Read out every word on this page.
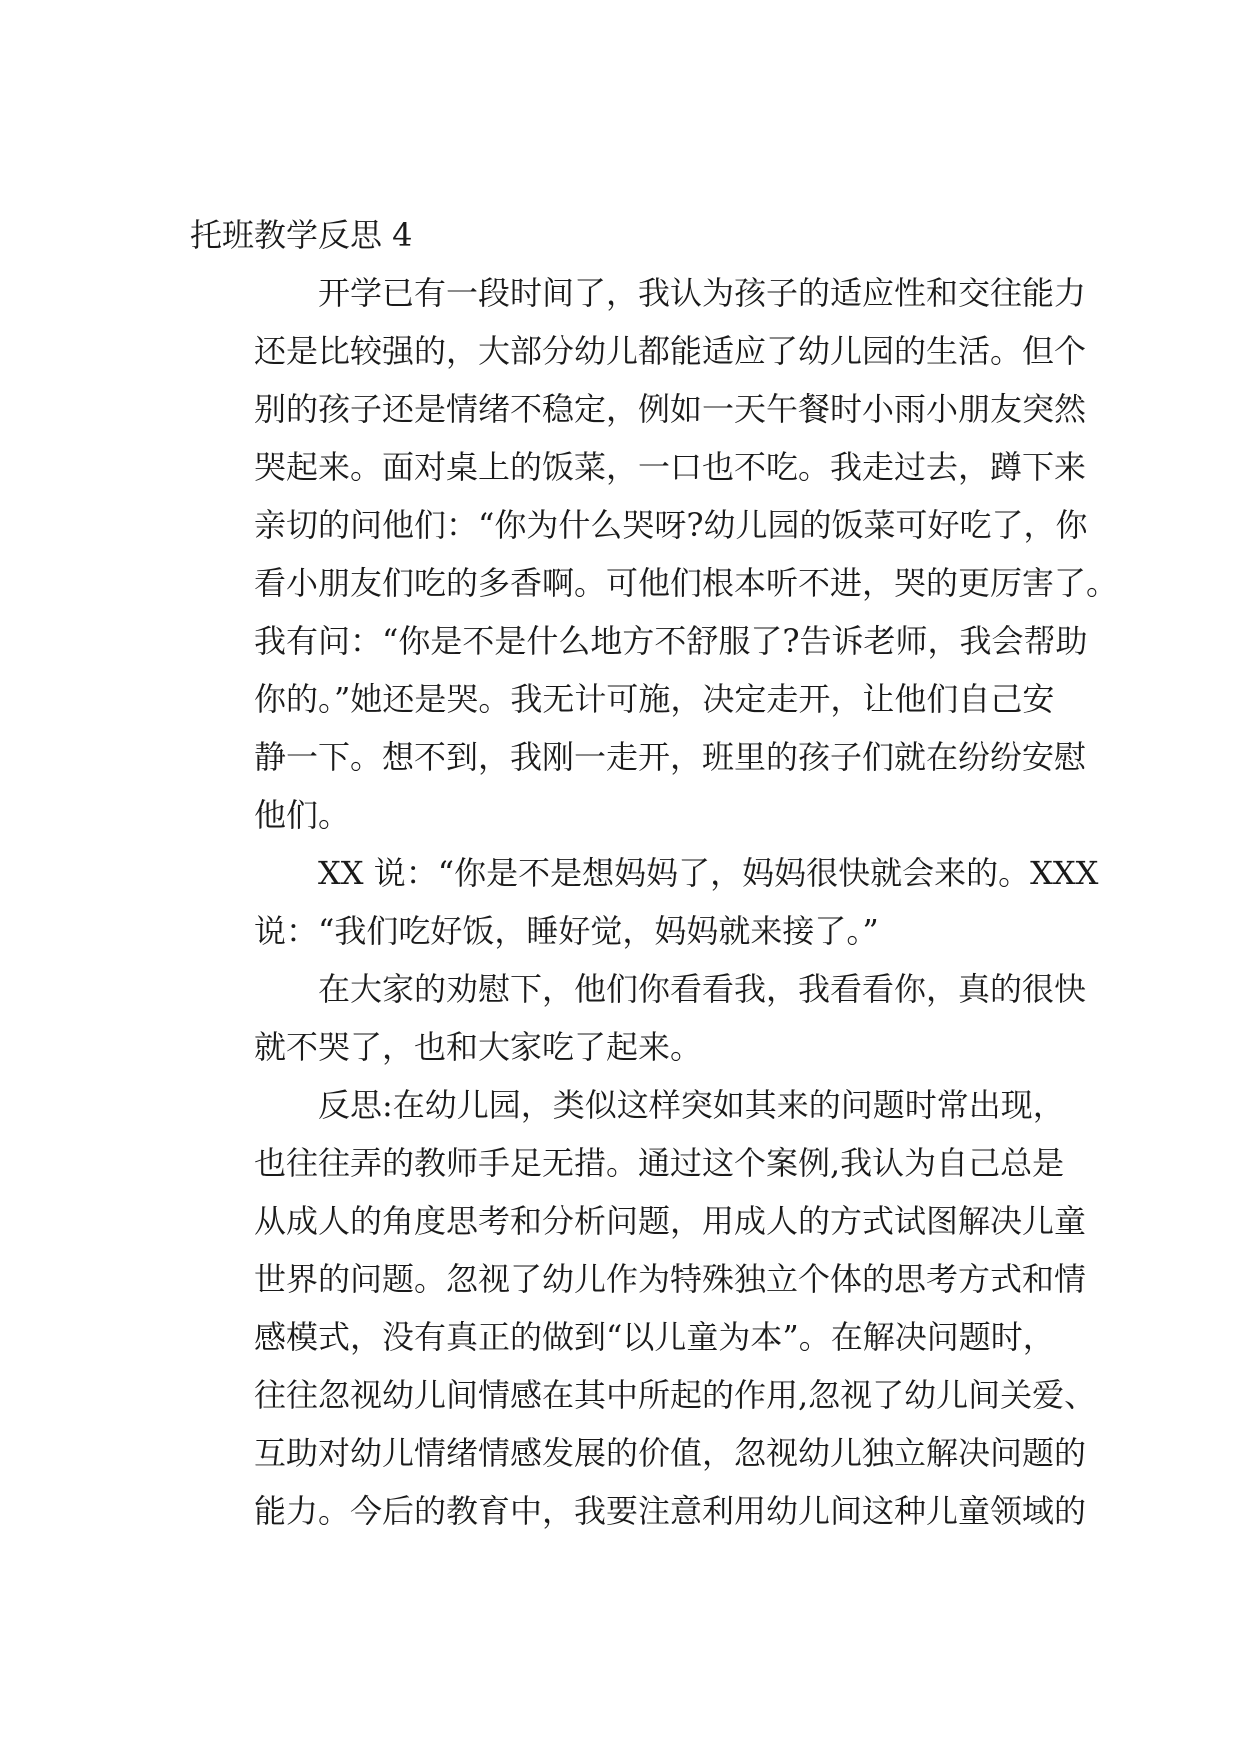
托班教学反思 4
开学已有一段时间了，我认为孩子的适应性和交往能力
还是比较强的，大部分幼儿都能适应了幼儿园的生活。但个
别的孩子还是情绪不稳定，例如一天午餐时小雨小朋友突然
哭起来。面对桌上的饭菜，一口也不吃。我走过去，蹲下来
亲切的问他们：“你为什么哭呀?幼儿园的饭菜可好吃了，你
看小朋友们吃的多香啊。可他们根本听不进，哭的更厉害了。
我有问：“你是不是什么地方不舒服了?告诉老师，我会帮助
你的。”她还是哭。我无计可施，决定走开，让他们自己安
静一下。想不到，我刚一走开，班里的孩子们就在纷纷安慰
他们。
XX 说：“你是不是想妈妈了，妈妈很快就会来的。XXX
说：“我们吃好饭，睡好觉，妈妈就来接了。”
在大家的劝慰下，他们你看看我，我看看你，真的很快
就不哭了，也和大家吃了起来。
反思:在幼儿园，类似这样突如其来的问题时常出现，
也往往弄的教师手足无措。通过这个案例,我认为自己总是
从成人的角度思考和分析问题，用成人的方式试图解决儿童
世界的问题。忽视了幼儿作为特殊独立个体的思考方式和情
感模式，没有真正的做到“以儿童为本”。在解决问题时，
往往忽视幼儿间情感在其中所起的作用,忽视了幼儿间关爱、
互助对幼儿情绪情感发展的价值，忽视幼儿独立解决问题的
能力。今后的教育中，我要注意利用幼儿间这种儿童领域的
